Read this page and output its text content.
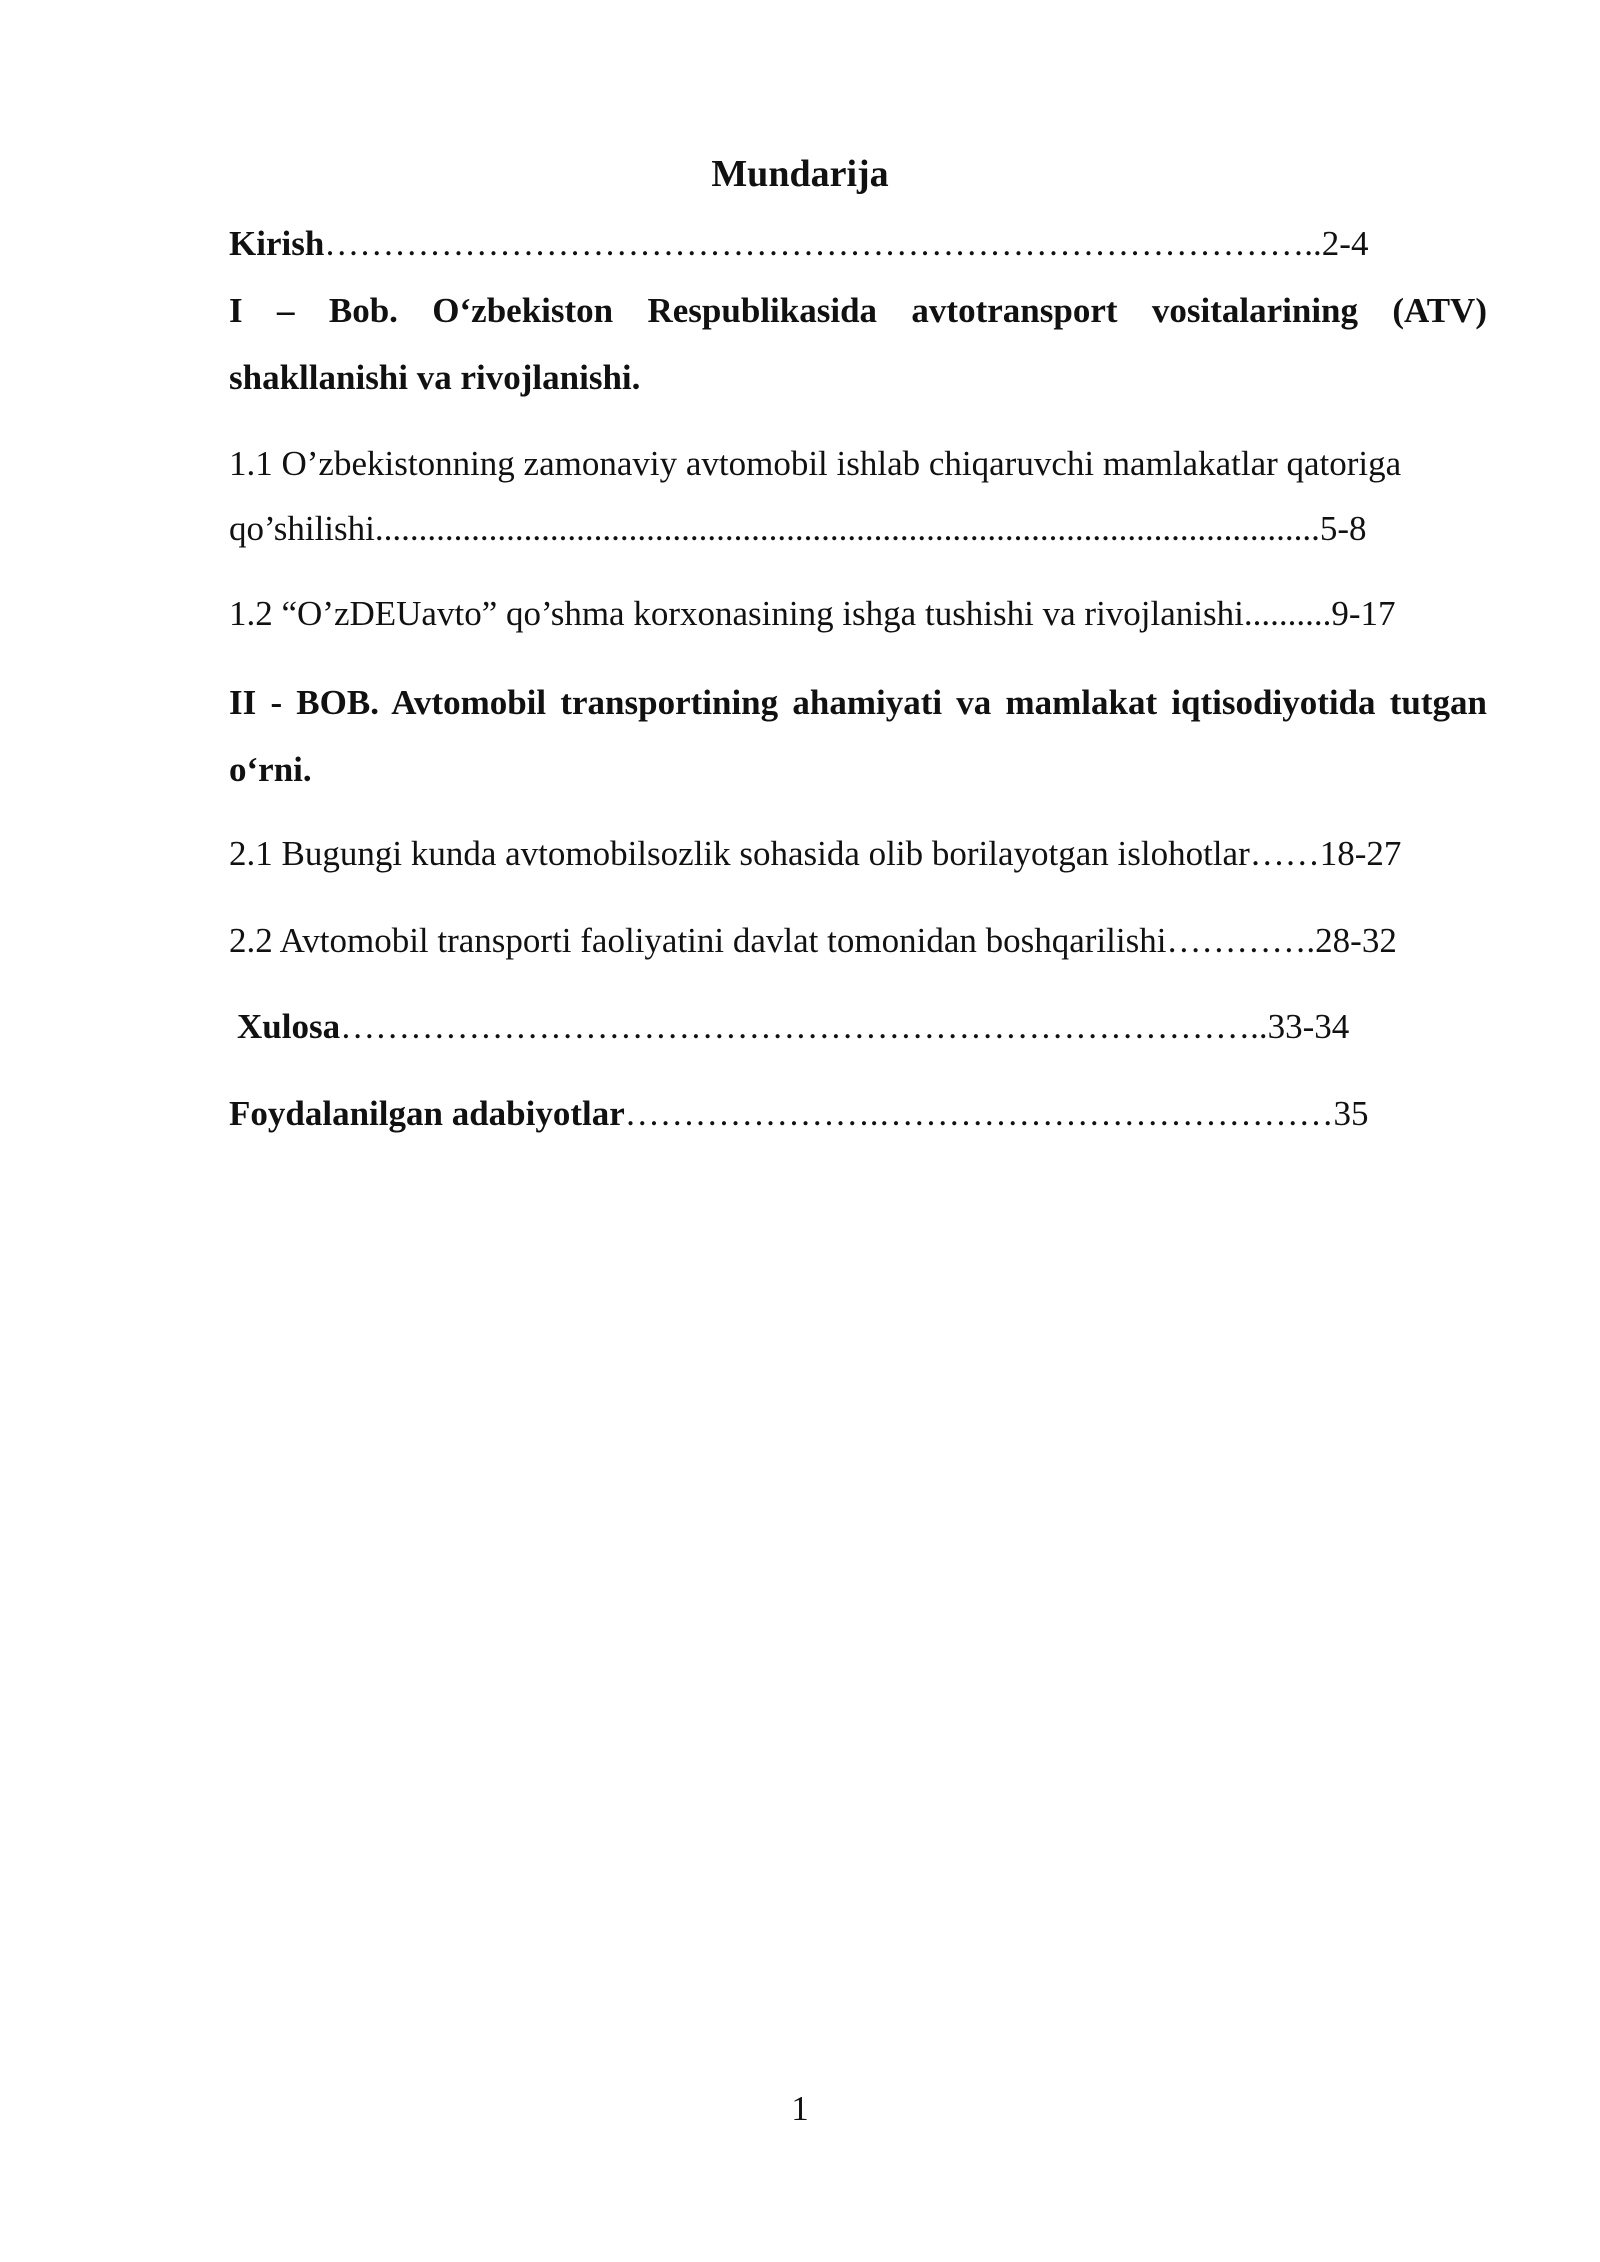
Mundarija
Kirish…………………………………………………………………………..2-4
I – Bob. O‘zbekiston Respublikasida avtotransport vositalarining (ATV) shakllanishi va rivojlanishi.
1.1 O’zbekistonning zamonaviy avtomobil ishlab chiqaruvchi mamlakatlar qatoriga
qo’shilishi............................................................................................................5-8
1.2 “O’zDEUavto” qo’shma korxonasining ishga tushishi va rivojlanishi..........9-17
II - BOB. Avtomobil transportining ahamiyati va mamlakat iqtisodiyotida tutgan o‘rni.
2.1 Bugungi kunda avtomobilsozlik sohasida olib borilayotgan islohotlar……18-27
2.2 Avtomobil transporti faoliyatini davlat tomonidan boshqarilishi………….28-32
Xulosa……………………………………………………………………..33-34
Foydalanilgan adabiyotlar………………….…………………………………35
1
